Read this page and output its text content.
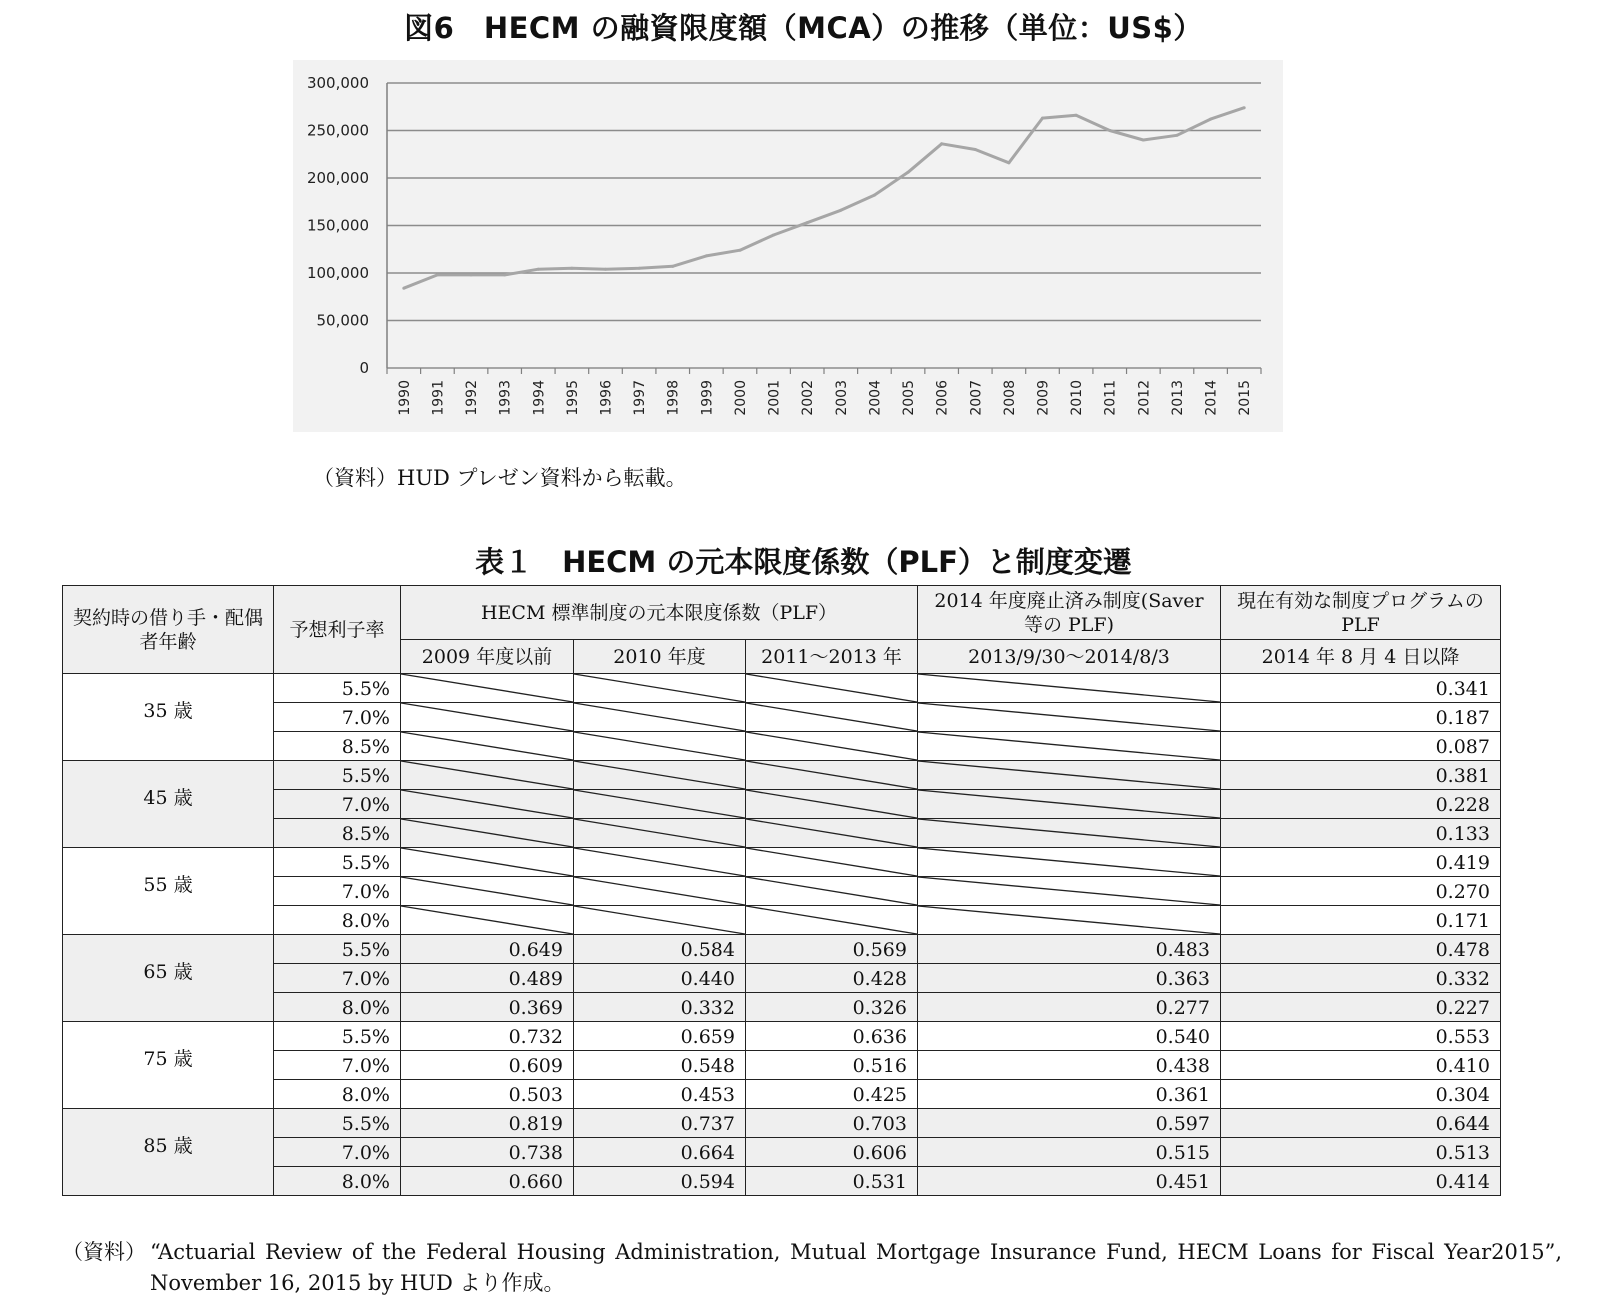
図6　HECM の融資限度額（MCA）の推移（単位：US$）
0
50,000
100,000
150,000
200,000
250,000
300,000
1990 1991 1992 1993 1994 1995 1996 1997 1998 1999 2000 2001 2002 2003 2004 2005 2006 2007 2008 2009 2010 2011 2012 2013 2014 2015
（資料）HUD プレゼン資料から転載。
表１　HECM の元本限度係数（PLF）と制度変遷
契約時の借り手・配偶者年齢	予想利子率	HECM 標準制度の元本限度係数（PLF）			2014 年度廃止済み制度(Saver 等の PLF)	現在有効な制度プログラムの PLF
		2009 年度以前	2010 年度	2011～2013 年	2013/9/30～2014/8/3	2014 年 8 月 4 日以降
35 歳	5.5%					0.341
	7.0%					0.187
	8.5%					0.087
45 歳	5.5%					0.381
	7.0%					0.228
	8.5%					0.133
55 歳	5.5%					0.419
	7.0%					0.270
	8.0%					0.171
65 歳	5.5%	0.649	0.584	0.569	0.483	0.478
	7.0%	0.489	0.440	0.428	0.363	0.332
	8.0%	0.369	0.332	0.326	0.277	0.227
75 歳	5.5%	0.732	0.659	0.636	0.540	0.553
	7.0%	0.609	0.548	0.516	0.438	0.410
	8.0%	0.503	0.453	0.425	0.361	0.304
85 歳	5.5%	0.819	0.737	0.703	0.597	0.644
	7.0%	0.738	0.664	0.606	0.515	0.513
	8.0%	0.660	0.594	0.531	0.451	0.414
（資料） “Actuarial Review of the Federal Housing Administration, Mutual Mortgage Insurance Fund, HECM Loans for Fiscal Year2015”, November 16, 2015 by HUD より作成。
